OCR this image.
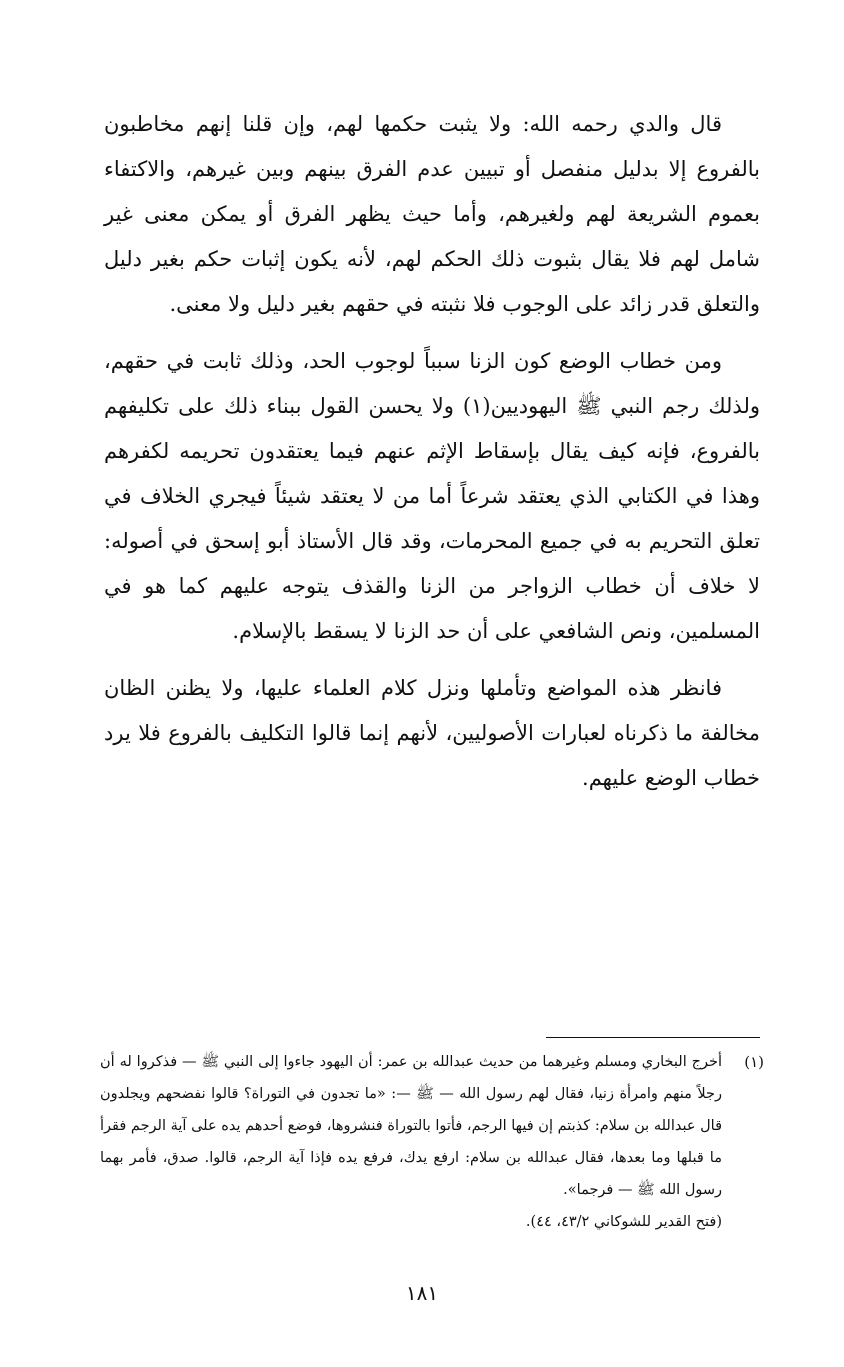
قال والدي رحمه الله: ولا يثبت حكمها لهم، وإن قلنا إنهم مخاطبون بالفروع إلا بدليل منفصل أو تبيين عدم الفرق بينهم وبين غيرهم، والاكتفاء بعموم الشريعة لهم ولغيرهم، وأما حيث يظهر الفرق أو يمكن معنى غير شامل لهم فلا يقال بثبوت ذلك الحكم لهم، لأنه يكون إثبات حكم بغير دليل والتعلق قدر زائد على الوجوب فلا نثبته في حقهم بغير دليل ولا معنى.

ومن خطاب الوضع كون الزنا سبباً لوجوب الحد، وذلك ثابت في حقهم، ولذلك رجم النبي ﷺ اليهوديين(١) ولا يحسن القول ببناء ذلك على تكليفهم بالفروع، فإنه كيف يقال بإسقاط الإثم عنهم فيما يعتقدون تحريمه لكفرهم وهذا في الكتابي الذي يعتقد شرعاً أما من لا يعتقد شيئاً فيجري الخلاف في تعلق التحريم به في جميع المحرمات، وقد قال الأستاذ أبو إسحق في أصوله: لا خلاف أن خطاب الزواجر من الزنا والقذف يتوجه عليهم كما هو في المسلمين، ونص الشافعي على أن حد الزنا لا يسقط بالإسلام.

فانظر هذه المواضع وتأملها ونزل كلام العلماء عليها، ولا يظنن الظان مخالفة ما ذكرناه لعبارات الأصوليين، لأنهم إنما قالوا التكليف بالفروع فلا يرد خطاب الوضع عليهم.

(١)
أخرج البخاري ومسلم وغيرهما من حديث عبدالله بن عمر: أن اليهود جاءوا إلى النبي ﷺ — فذكروا له أن رجلاً منهم وامرأة زنيا، فقال لهم رسول الله — ﷺ —: «ما تجدون في التوراة؟ قالوا نفضحهم ويجلدون قال عبدالله بن سلام: كذبتم إن فيها الرجم، فأتوا بالتوراة فنشروها، فوضع أحدهم يده على آية الرجم فقرأ ما قبلها وما بعدها، فقال عبدالله بن سلام: ارفع يدك، فرفع يده فإذا آية الرجم، قالوا. صدق، فأمر بهما رسول الله ﷺ — فرجما».
(فتح القدير للشوكاني ٤٣/٢، ٤٤).
١٨١
